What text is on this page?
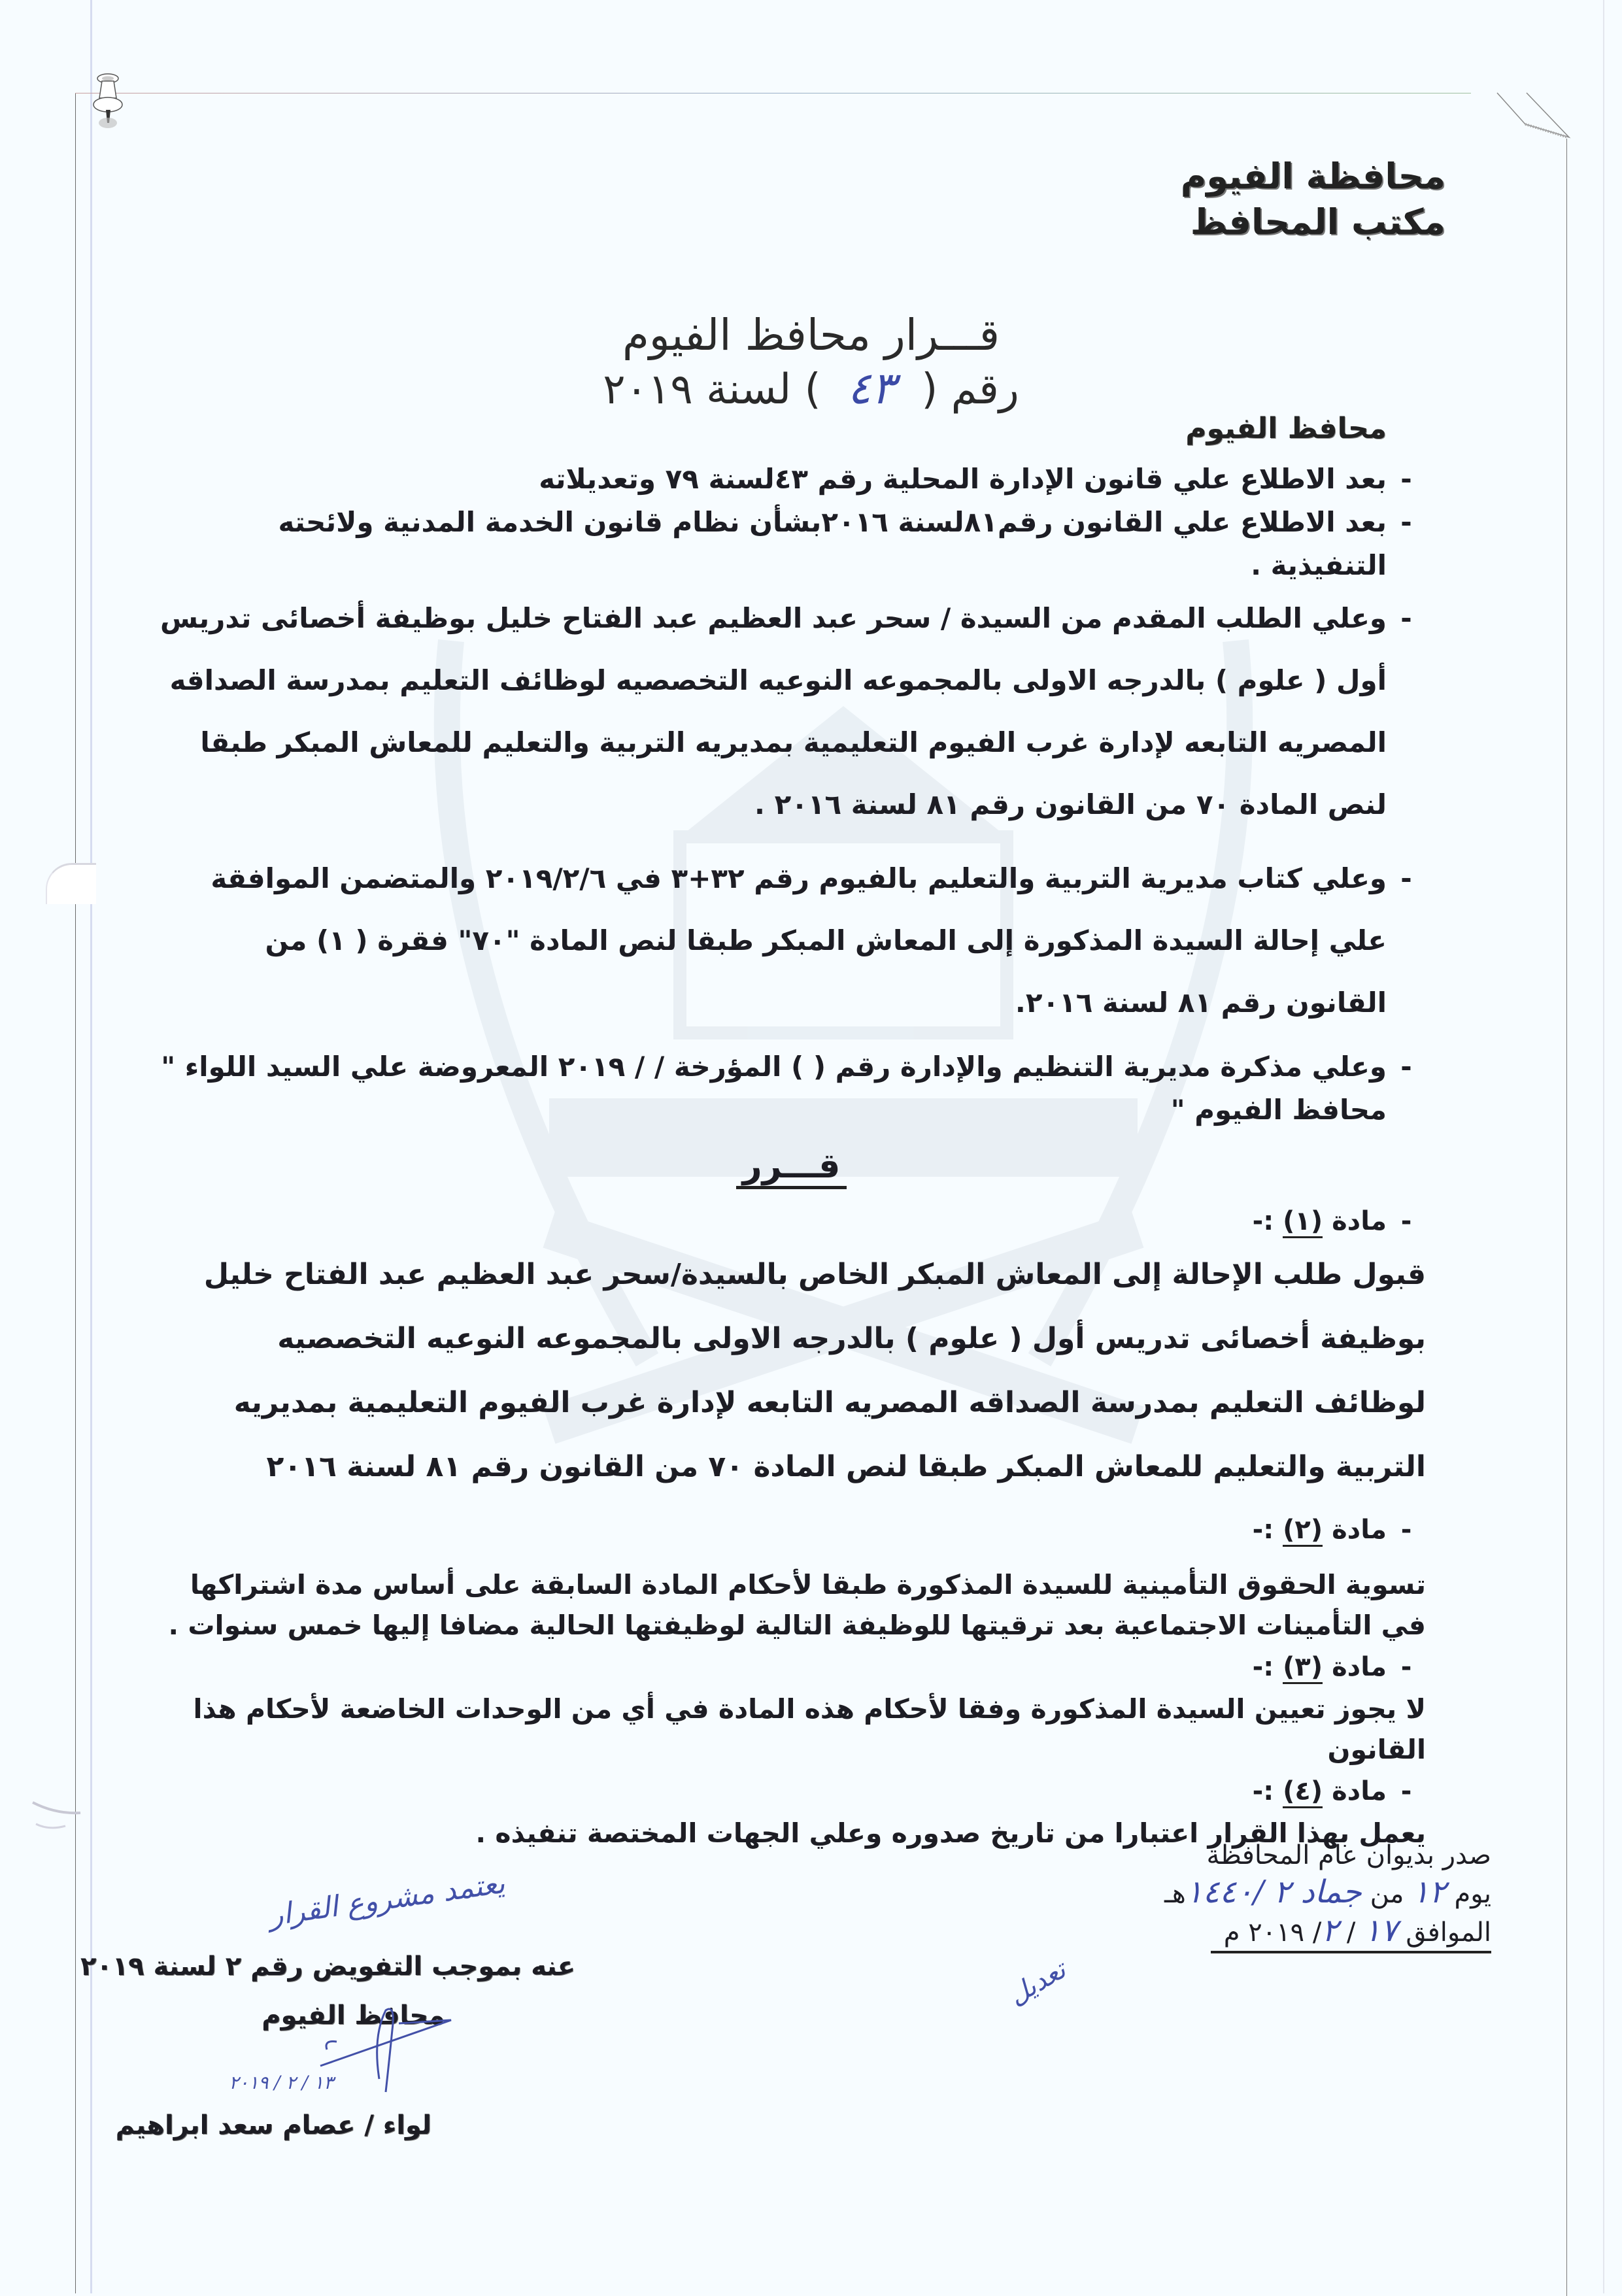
محافظة الفيوم
مكتب المحافظ
قـــرار محافظ الفيوم
رقم ( ٤٣ ) لسنة ٢٠١٩
محافظ الفيوم
-
بعد الاطلاع علي قانون الإدارة المحلية رقم ٤٣لسنة ٧٩ وتعديلاته
-
بعد الاطلاع علي القانون رقم٨١لسنة ٢٠١٦بشأن نظام قانون الخدمة المدنية ولائحته التنفيذية .
-
وعلي الطلب المقدم من السيدة / سحر عبد العظيم عبد الفتاح خليل بوظيفة أخصائى تدريس أول ( علوم ) بالدرجه الاولى بالمجموعه النوعيه التخصصيه لوظائف التعليم بمدرسة الصداقه المصريه التابعه لإدارة غرب الفيوم التعليمية بمديريه التربية والتعليم للمعاش المبكر طبقا لنص المادة ٧٠ من القانون رقم ٨١ لسنة ٢٠١٦ .
-
وعلي كتاب مديرية التربية والتعليم بالفيوم رقم ٣٢+٣ في ٢٠١٩/٢/٦ والمتضمن الموافقة علي إحالة السيدة المذكورة إلى المعاش المبكر طبقا لنص المادة "٧٠" فقرة ( ١) من القانون رقم ٨١ لسنة ٢٠١٦.
-
وعلي مذكرة مديرية التنظيم والإدارة رقم ( ) المؤرخة / / ٢٠١٩ المعروضة علي السيد اللواء " محافظ الفيوم "
قـــرر
-
مادة (١) :-
قبول طلب الإحالة إلى المعاش المبكر الخاص بالسيدة/سحر عبد العظيم عبد الفتاح خليل بوظيفة أخصائى تدريس أول ( علوم ) بالدرجه الاولى بالمجموعه النوعيه التخصصيه لوظائف التعليم بمدرسة الصداقه المصريه التابعه لإدارة غرب الفيوم التعليمية بمديريه التربية والتعليم للمعاش المبكر طبقا لنص المادة ٧٠ من القانون رقم ٨١ لسنة ٢٠١٦
-
مادة (٢) :-
تسوية الحقوق التأمينية للسيدة المذكورة طبقا لأحكام المادة السابقة على أساس مدة اشتراكها في التأمينات الاجتماعية بعد ترقيتها للوظيفة التالية لوظيفتها الحالية مضافا إليها خمس سنوات .
-
مادة (٣) :-
لا يجوز تعيين السيدة المذكورة وفقا لأحكام هذه المادة في أي من الوحدات الخاضعة لأحكام هذا القانون
-
مادة (٤) :-
يعمل بهذا القرار اعتبارا من تاريخ صدوره وعلي الجهات المختصة تنفيذه .
صدر بديوان عام المحافظة
يوم ١٢ من جماد ٢ /١٤٤٠هـ
الموافق ١٧ / ٢/ ٢٠١٩ م
يعتمد مشروع القرار
عنه بموجب التفويض رقم ٢ لسنة ٢٠١٩
محافظ الفيوم
١٣ / ٢ / ٢٠١٩
لواء / عصام سعد ابراهيم
تعديل
